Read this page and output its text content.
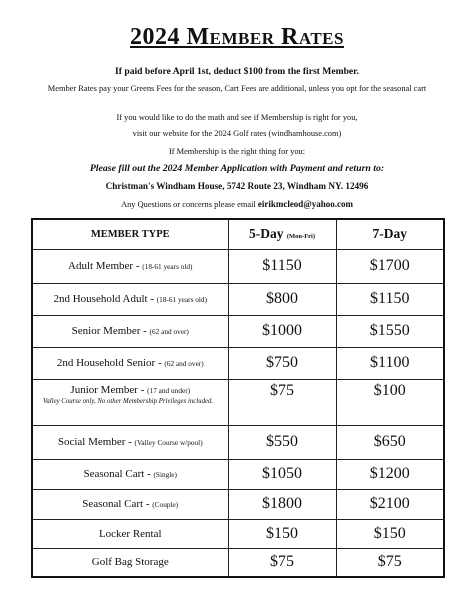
2024 Member Rates
If paid before April 1st, deduct $100 from the first Member.
Member Rates pay your Greens Fees for the season, Cart Fees are additional, unless you opt for the seasonal cart
If you would like to do the math and see if Membership is right for you,
visit our website for the 2024 Golf rates (windhamhouse.com)
If Membership is the right thing for you:
Please fill out the 2024 Member Application with Payment and return to:
Christman's Windham House, 5742 Route 23, Windham NY. 12496
Any Questions or concerns please email eirikmcleod@yahoo.com
MEMBER TYPE	5-Day (Mon-Fri)	7-Day
Adult Member - (18-61 years old)	$1150	$1700
2nd Household Adult - (18-61 years old)	$800	$1150
Senior Member - (62 and over)	$1000	$1550
2nd Household Senior - (62 and over)	$750	$1100
Junior Member - (17 and under)
Valley Course only, No other Membership Privileges included.	$75	$100
Social Member - (Valley Course w/pool)	$550	$650
Seasonal Cart - (Single)	$1050	$1200
Seasonal Cart - (Couple)	$1800	$2100
Locker Rental	$150	$150
Golf Bag Storage	$75	$75
